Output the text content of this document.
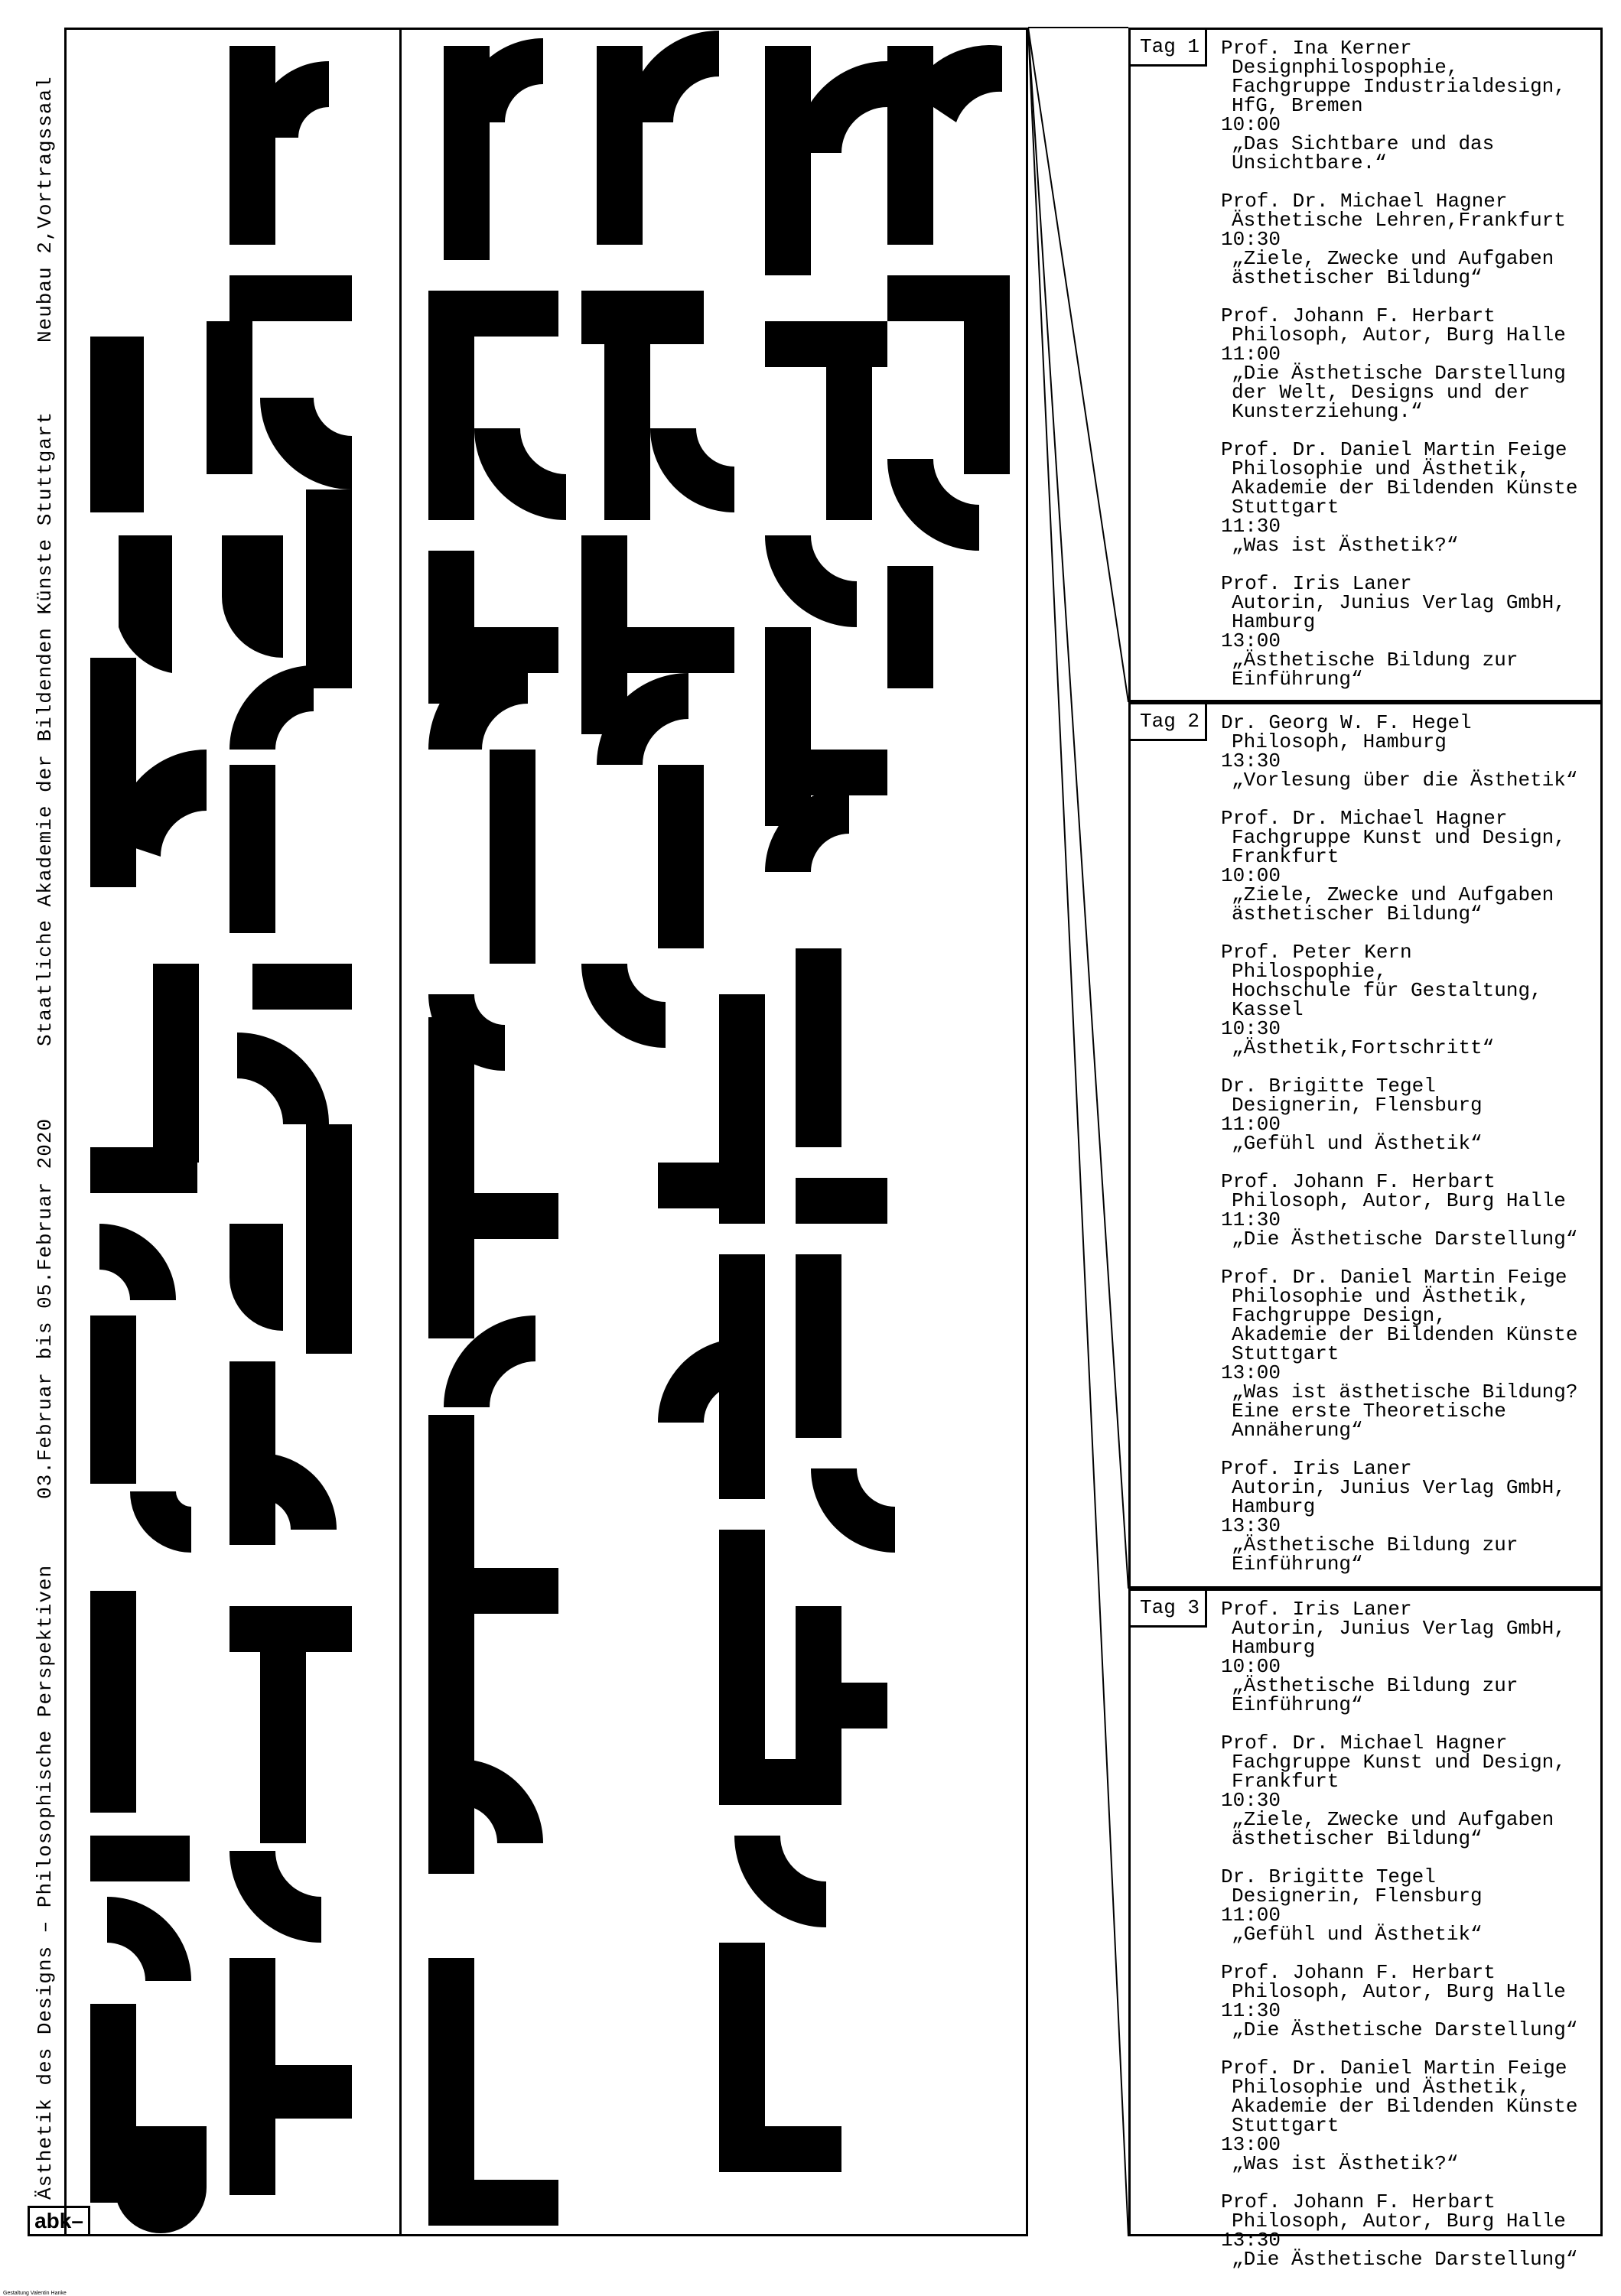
Ästhetik des Designs – Philosophische Perspektiven
03.Februar bis 05.Februar 2020
Staatliche Akademie der Bildenden Künste Stuttgart
Neubau 2,Vortragssaal

Tag 1

Prof. Ina Kerner
Designphilospophie,
Fachgruppe Industrialdesign,
HfG, Bremen
10:00
„Das Sichtbare und das
Unsichtbare.“
Prof. Dr. Michael Hagner
Ästhetische Lehren,Frankfurt
10:30
„Ziele, Zwecke und Aufgaben
ästhetischer Bildung“
Prof. Johann F. Herbart
Philosoph, Autor, Burg Halle
11:00
„Die Ästhetische Darstellung
der Welt, Designs und der
Kunsterziehung.“
Prof. Dr. Daniel Martin Feige
Philosophie und Ästhetik,
Akademie der Bildenden Künste
Stuttgart
11:30
„Was ist Ästhetik?“
Prof. Iris Laner
Autorin, Junius Verlag GmbH,
Hamburg
13:00
„Ästhetische Bildung zur
Einführung“

Tag 2

Dr. Georg W. F. Hegel
Philosoph, Hamburg
13:30
„Vorlesung über die Ästhetik“
Prof. Dr. Michael Hagner
Fachgruppe Kunst und Design,
Frankfurt
10:00
„Ziele, Zwecke und Aufgaben
ästhetischer Bildung“
Prof. Peter Kern
Philospophie,
Hochschule für Gestaltung,
Kassel
10:30
„Ästhetik,Fortschritt“
Dr. Brigitte Tegel
Designerin, Flensburg
11:00
„Gefühl und Ästhetik“
Prof. Johann F. Herbart
Philosoph, Autor, Burg Halle
11:30
„Die Ästhetische Darstellung“
Prof. Dr. Daniel Martin Feige
Philosophie und Ästhetik,
Fachgruppe Design,
Akademie der Bildenden Künste
Stuttgart
13:00
„Was ist ästhetische Bildung?
Eine erste Theoretische
Annäherung“
Prof. Iris Laner
Autorin, Junius Verlag GmbH,
Hamburg
13:30
„Ästhetische Bildung zur
Einführung“

Tag 3

Prof. Iris Laner
Autorin, Junius Verlag GmbH,
Hamburg
10:00
„Ästhetische Bildung zur
Einführung“
Prof. Dr. Michael Hagner
Fachgruppe Kunst und Design,
Frankfurt
10:30
„Ziele, Zwecke und Aufgaben
ästhetischer Bildung“
Dr. Brigitte Tegel
Designerin, Flensburg
11:00
„Gefühl und Ästhetik“
Prof. Johann F. Herbart
Philosoph, Autor, Burg Halle
11:30
„Die Ästhetische Darstellung“
Prof. Dr. Daniel Martin Feige
Philosophie und Ästhetik,
Akademie der Bildenden Künste
Stuttgart
13:00
„Was ist Ästhetik?“
Prof. Johann F. Herbart
Philosoph, Autor, Burg Halle
13:30
„Die Ästhetische Darstellung“

abk–
Gestaltung Valentin Hanke
